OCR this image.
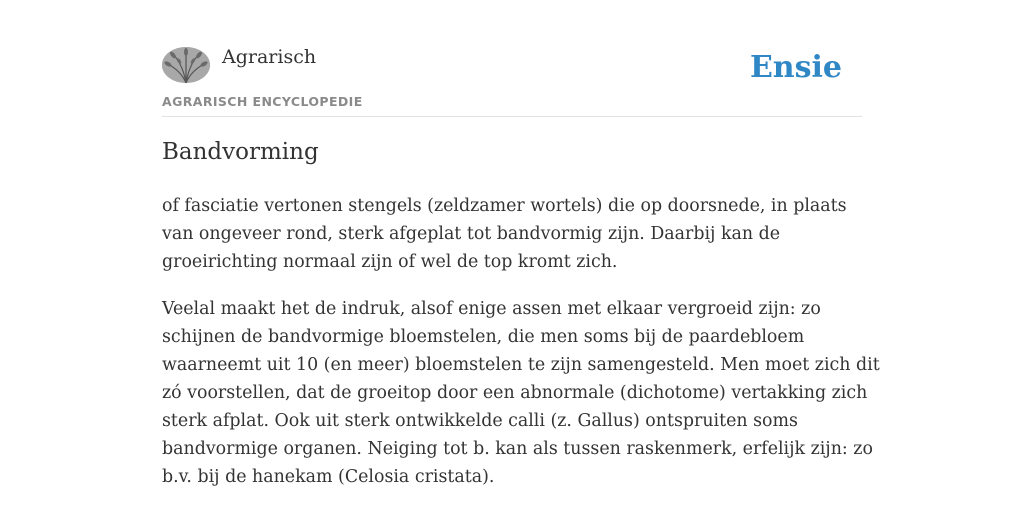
Agrarisch
AGRARISCH ENCYCLOPEDIE
Ensie
Bandvorming

of fasciatie vertonen stengels (zeldzamer wortels) die op doorsnede, in plaats
van ongeveer rond, sterk afgeplat tot bandvormig zijn. Daarbij kan de
groeirichting normaal zijn of wel de top kromt zich.

Veelal maakt het de indruk, alsof enige assen met elkaar vergroeid zijn: zo
schijnen de bandvormige bloemstelen, die men soms bij de paardebloem
waarneemt uit 10 (en meer) bloemstelen te zijn samengesteld. Men moet zich dit
zó voorstellen, dat de groeitop door een abnormale (dichotome) vertakking zich
sterk afplat. Ook uit sterk ontwikkelde calli (z. Gallus) ontspruiten soms
bandvormige organen. Neiging tot b. kan als tussen raskenmerk, erfelijk zijn: zo
b.v. bij de hanekam (Celosia cristata).
